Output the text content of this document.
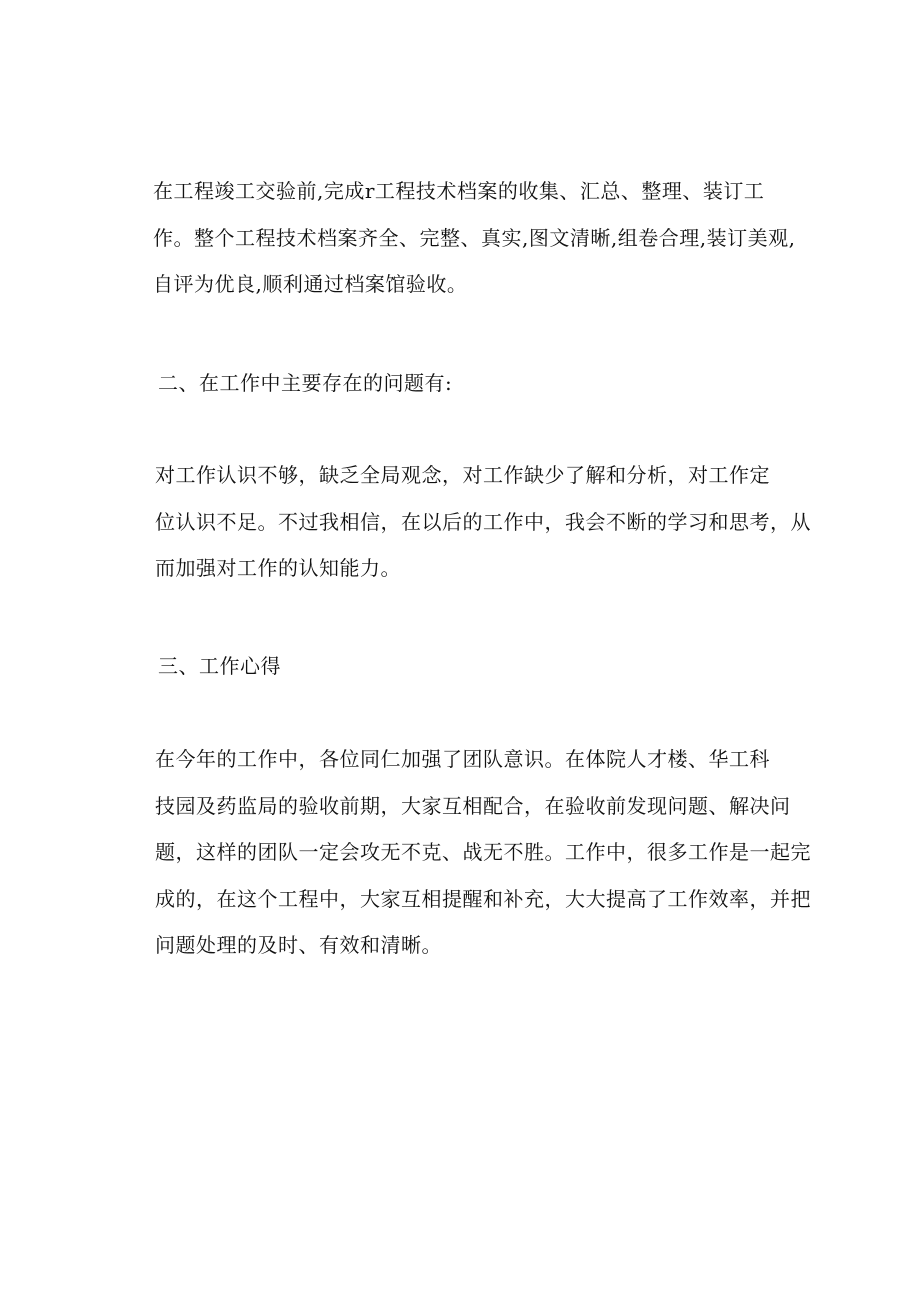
在工程竣工交验前,完成r工程技术档案的收集、汇总、整理、装订工
作。整个工程技术档案齐全、完整、真实,图文清晰,组卷合理,装订美观,
自评为优良,顺利通过档案馆验收。

二、在工作中主要存在的问题有:

对工作认识不够，缺乏全局观念，对工作缺少了解和分析，对工作定
位认识不足。不过我相信，在以后的工作中，我会不断的学习和思考，从
而加强对工作的认知能力。

三、工作心得

在今年的工作中，各位同仁加强了团队意识。在体院人才楼、华工科
技园及药监局的验收前期，大家互相配合，在验收前发现问题、解决问
题，这样的团队一定会攻无不克、战无不胜。工作中，很多工作是一起完
成的，在这个工程中，大家互相提醒和补充，大大提高了工作效率，并把
问题处理的及时、有效和清晰。
